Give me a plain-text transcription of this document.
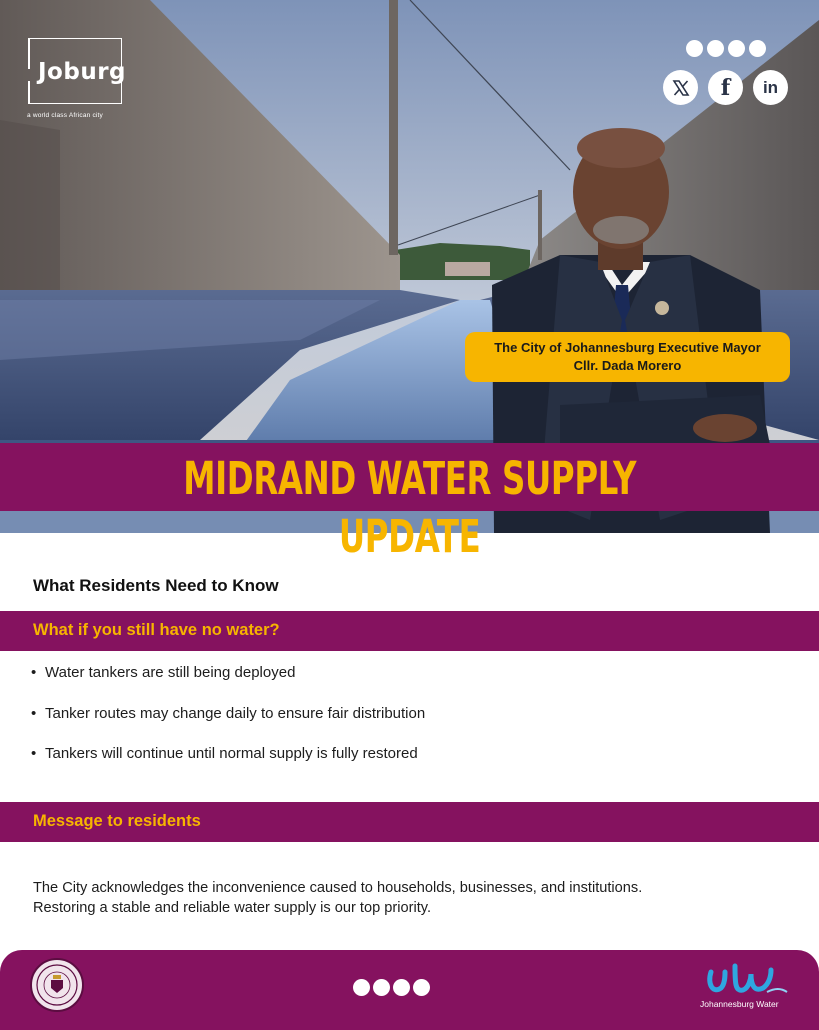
Joburg
a world class African city
f	in
The City of Johannesburg Executive Mayor
Cllr. Dada Morero
MIDRAND WATER SUPPLY UPDATE
What Residents Need to Know
What if you still have no water?
• Water tankers are still being deployed
• Tanker routes may change daily to ensure fair distribution
• Tankers will continue until normal supply is fully restored
Message to residents
The City acknowledges the inconvenience caused to households, businesses, and institutions.
Restoring a stable and reliable water supply is our top priority.
Johannesburg Water
